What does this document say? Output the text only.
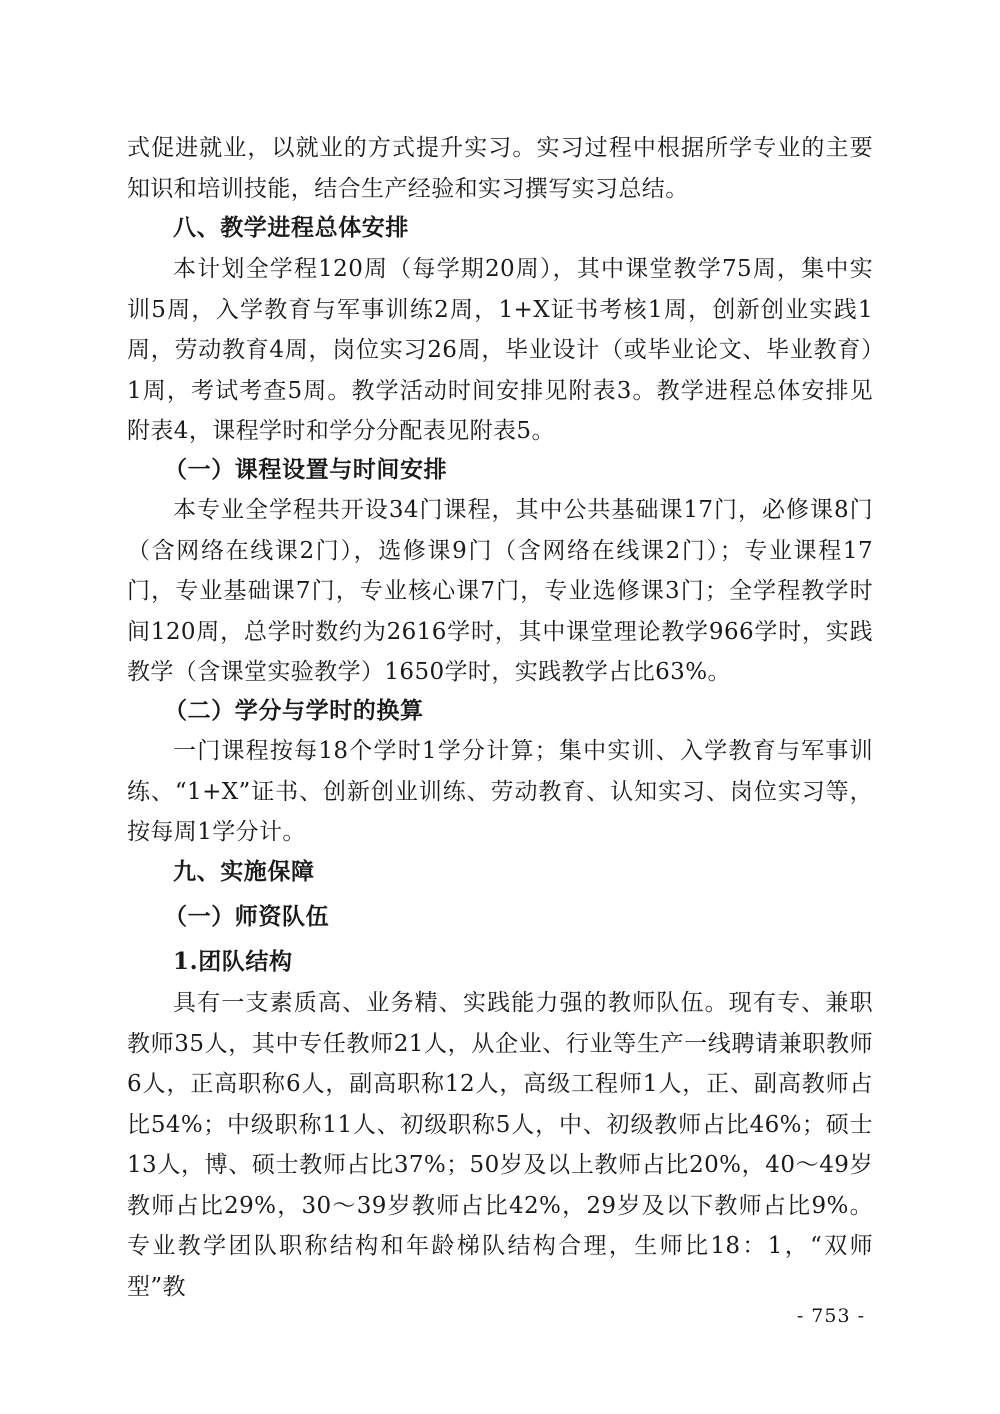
式促进就业，以就业的方式提升实习。实习过程中根据所学专业的主要知识和培训技能，结合生产经验和实习撰写实习总结。

八、教学进程总体安排

本计划全学程120周（每学期20周），其中课堂教学75周，集中实训5周，入学教育与军事训练2周，1+X证书考核1周，创新创业实践1周，劳动教育4周，岗位实习26周，毕业设计（或毕业论文、毕业教育）1周，考试考查5周。教学活动时间安排见附表3。教学进程总体安排见附表4，课程学时和学分分配表见附表5。

（一）课程设置与时间安排

本专业全学程共开设34门课程，其中公共基础课17门，必修课8门（含网络在线课2门），选修课9门（含网络在线课2门）；专业课程17门，专业基础课7门，专业核心课7门，专业选修课3门；全学程教学时间120周，总学时数约为2616学时，其中课堂理论教学966学时，实践教学（含课堂实验教学）1650学时，实践教学占比63%。

（二）学分与学时的换算

一门课程按每18个学时1学分计算；集中实训、入学教育与军事训练、“1+X”证书、创新创业训练、劳动教育、认知实习、岗位实习等，按每周1学分计。

九、实施保障
（一）师资队伍
1.团队结构

具有一支素质高、业务精、实践能力强的教师队伍。现有专、兼职教师35人，其中专任教师21人，从企业、行业等生产一线聘请兼职教师6人，正高职称6人，副高职称12人，高级工程师1人，正、副高教师占比54%；中级职称11人、初级职称5人，中、初级教师占比46%；硕士13人，博、硕士教师占比37%；50岁及以上教师占比20%，40～49岁教师占比29%，30～39岁教师占比42%，29岁及以下教师占比9%。专业教学团队职称结构和年龄梯队结构合理，生师比18：1，“双师型”教

- 753 -
